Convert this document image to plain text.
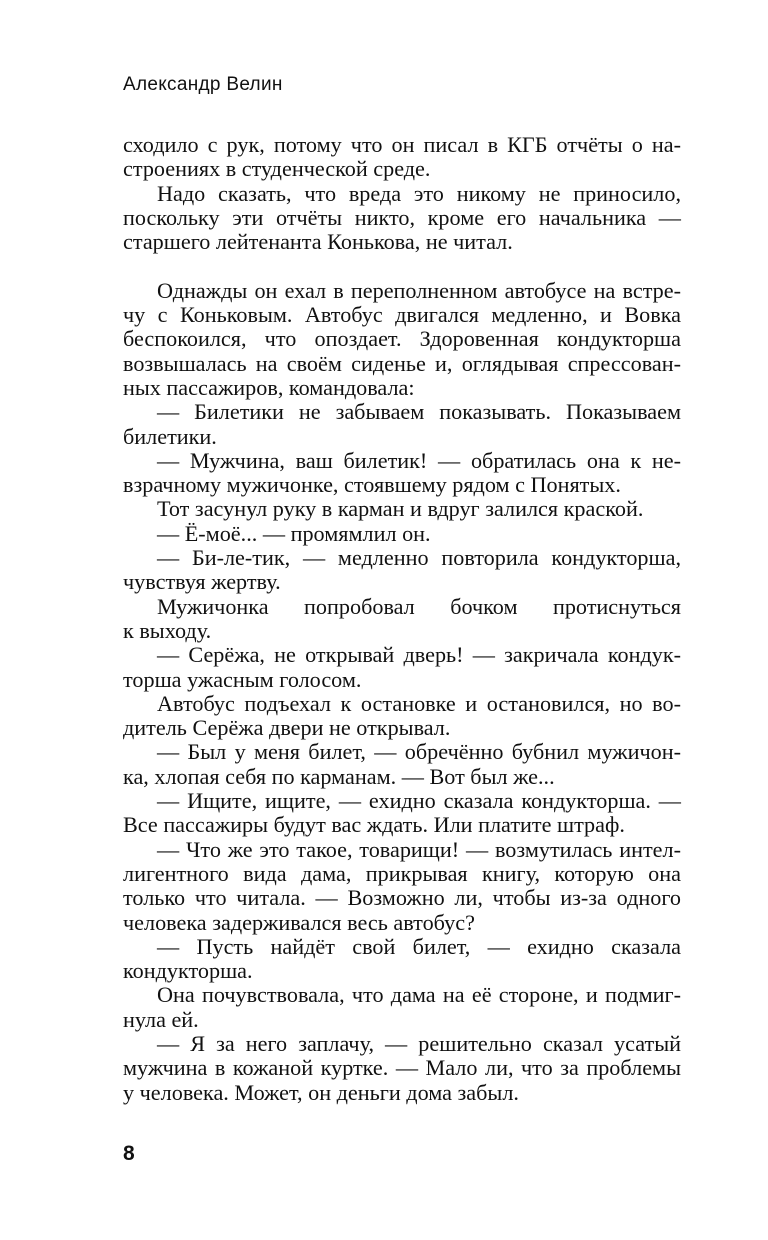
Александр Велин

сходило с рук, потому что он писал в КГБ отчёты о на-
строениях в студенческой среде.
Надо сказать, что вреда это никому не приносило,
поскольку эти отчёты никто, кроме его начальника —
старшего лейтенанта Конькова, не читал.
Однажды он ехал в переполненном автобусе на встре-
чу с Коньковым. Автобус двигался медленно, и Вовка
беспокоился, что опоздает. Здоровенная кондукторша
возвышалась на своём сиденье и, оглядывая спрессован-
ных пассажиров, командовала:
— Билетики не забываем показывать. Показываем
билетики.
— Мужчина, ваш билетик! — обратилась она к не-
взрачному мужичонке, стоявшему рядом с Понятых.
Тот засунул руку в карман и вдруг залился краской.
— Ё-моё... — промямлил он.
— Би-ле-тик, — медленно повторила кондукторша,
чувствуя жертву.
Мужичонка попробовал бочком протиснуться
к выходу.
— Серёжа, не открывай дверь! — закричала кондук-
торша ужасным голосом.
Автобус подъехал к остановке и остановился, но во-
дитель Серёжа двери не открывал.
— Был у меня билет, — обречённо бубнил мужичон-
ка, хлопая себя по карманам. — Вот был же...
— Ищите, ищите, — ехидно сказала кондукторша. —
Все пассажиры будут вас ждать. Или платите штраф.
— Что же это такое, товарищи! — возмутилась интел-
лигентного вида дама, прикрывая книгу, которую она
только что читала. — Возможно ли, чтобы из-за одного
человека задерживался весь автобус?
— Пусть найдёт свой билет, — ехидно сказала
кондукторша.
Она почувствовала, что дама на её стороне, и подмиг-
нула ей.
— Я за него заплачу, — решительно сказал усатый
мужчина в кожаной куртке. — Мало ли, что за проблемы
у человека. Может, он деньги дома забыл.

8
